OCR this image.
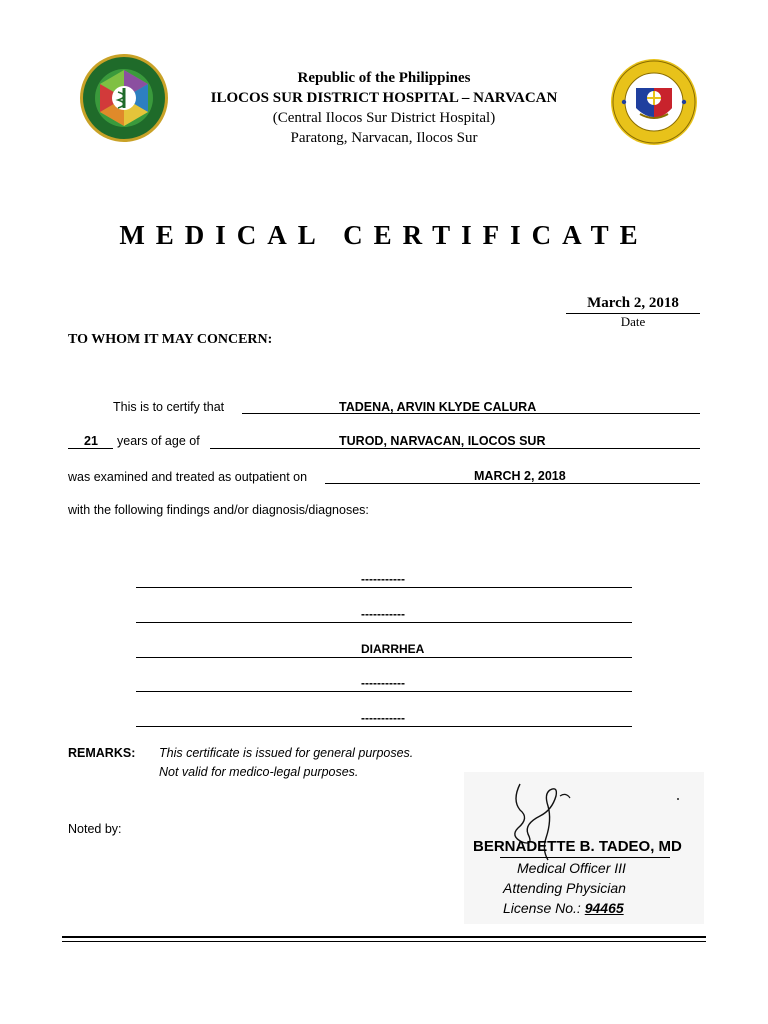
Republic of the Philippines
ILOCOS SUR DISTRICT HOSPITAL – NARVACAN
(Central Ilocos Sur District Hospital)
Paratong, Narvacan, Ilocos Sur
MEDICAL CERTIFICATE
March 2, 2018
Date
TO WHOM IT MAY CONCERN:
This is to certify that	TADENA, ARVIN KLYDE CALURA
21 years of age of	TUROD, NARVACAN, ILOCOS SUR
was examined and treated as outpatient on	MARCH 2, 2018
with the following findings and/or diagnosis/diagnoses:
-----------
-----------
DIARRHEA
-----------
-----------
REMARKS: This certificate is issued for general purposes.
Not valid for medico-legal purposes.
Noted by:
BERNADETTE B. TADEO, MD
Medical Officer III
Attending Physician
License No.: 94465
